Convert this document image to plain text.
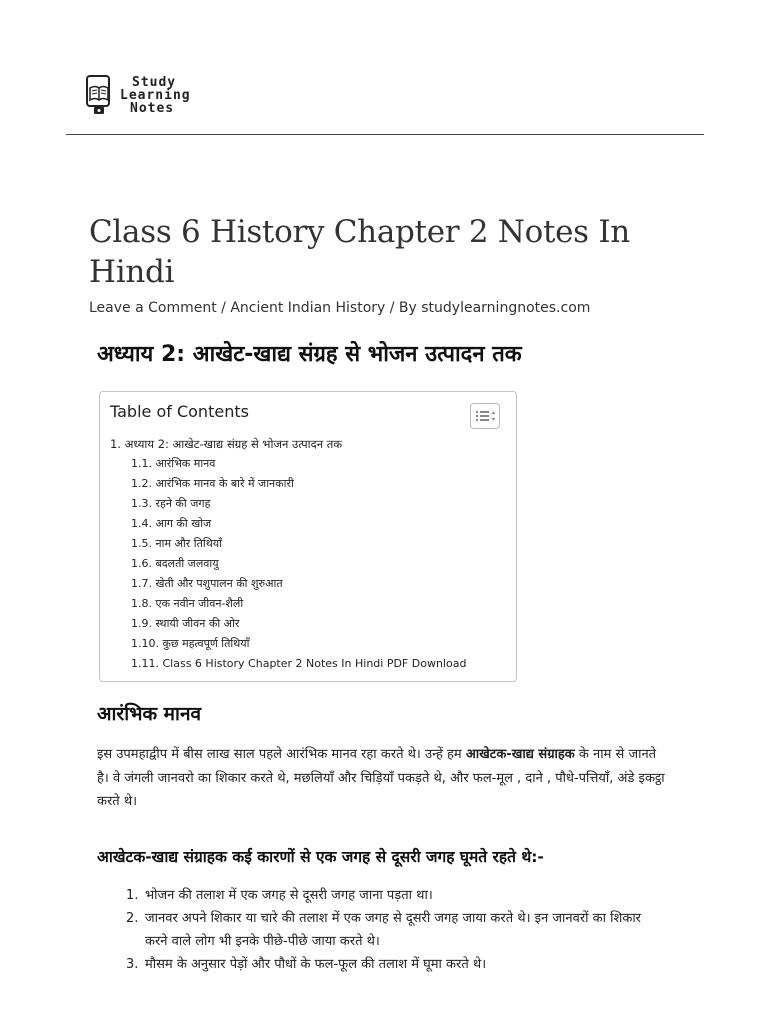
Study
Learning
Notes
Class 6 History Chapter 2 Notes In Hindi
Leave a Comment / Ancient Indian History / By studylearningnotes.com
अध्याय 2: आखेट-खाद्य संग्रह से भोजन उत्पादन तक
Table of Contents
1. अध्याय 2: आखेट-खाद्य संग्रह से भोजन उत्पादन तक
1.1. आरंभिक मानव
1.2. आरंभिक मानव के बारे में जानकारी
1.3. रहने की जगह
1.4. आग की खोज
1.5. नाम और तिथियाँ
1.6. बदलती जलवायु
1.7. खेती और पशुपालन की शुरुआत
1.8. एक नवीन जीवन-शैली
1.9. स्थायी जीवन की ओर
1.10. कुछ महत्वपूर्ण तिथियाँ
1.11. Class 6 History Chapter 2 Notes In Hindi PDF Download
आरंभिक मानव

इस उपमहाद्वीप में बीस लाख साल पहले आरंभिक मानव रहा करते थे। उन्हें हम आखेटक-खाद्य संग्राहक के नाम से जानते है। वे जंगली जानवरो का शिकार करते थे, मछलियाँ और चिड़ियाँ पकड़ते थे, और फल-मूल , दाने , पौधे-पत्तियाँ, अंडे इकट्ठा करते थे।

आखेटक-खाद्य संग्राहक कई कारणों से एक जगह से दूसरी जगह घूमते रहते थे:-
1. भोजन की तलाश में एक जगह से दूसरी जगह जाना पड़ता था।
2. जानवर अपने शिकार या चारे की तलाश में एक जगह से दूसरी जगह जाया करते थे। इन जानवरों का शिकार करने वाले लोग भी इनके पीछे-पीछे जाया करते थे।
3. मौसम के अनुसार पेड़ों और पौधों के फल-फूल की तलाश में घूमा करते थे।
